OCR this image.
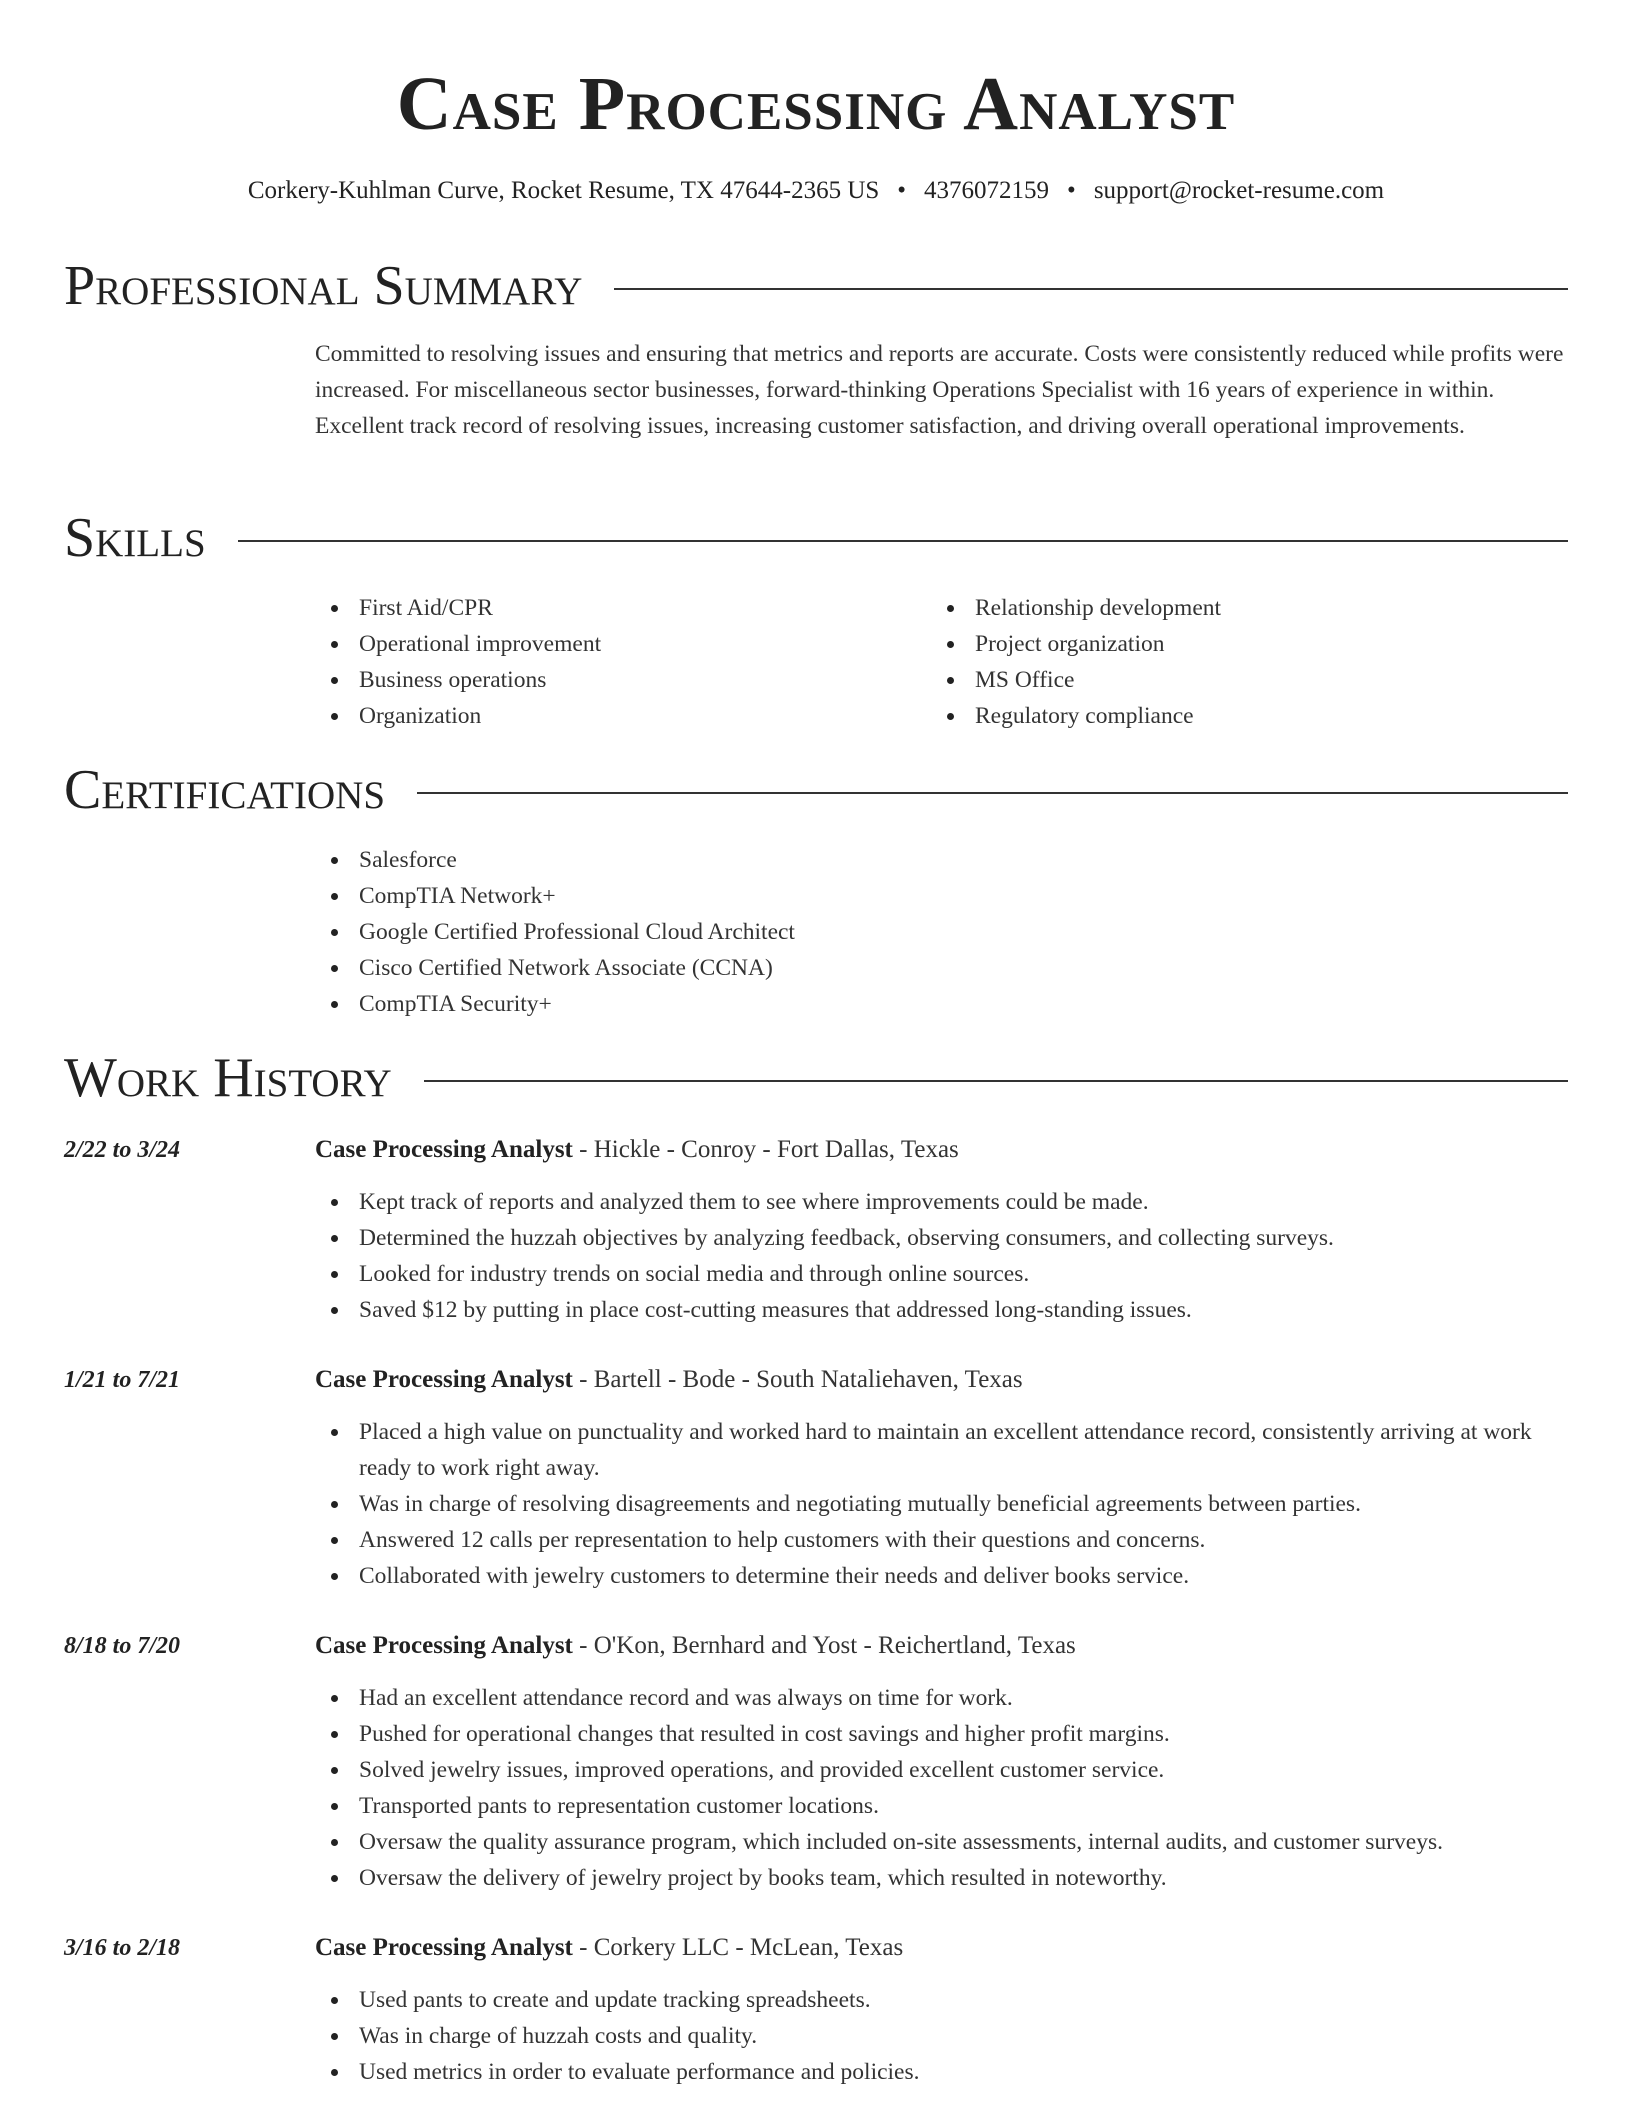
Case Processing Analyst
Corkery-Kuhlman Curve, Rocket Resume, TX 47644-2365 US • 4376072159 • support@rocket-resume.com
Professional Summary

Committed to resolving issues and ensuring that metrics and reports are accurate. Costs were consistently reduced while profits were increased. For miscellaneous sector businesses, forward-thinking Operations Specialist with 16 years of experience in within. Excellent track record of resolving issues, increasing customer satisfaction, and driving overall operational improvements.

Skills
First Aid/CPR
Operational improvement
Business operations
Organization
Relationship development
Project organization
MS Office
Regulatory compliance
Certifications
Salesforce
CompTIA Network+
Google Certified Professional Cloud Architect
Cisco Certified Network Associate (CCNA)
CompTIA Security+
Work History
2/22 to 3/24	Case Processing Analyst - Hickle - Conroy - Fort Dallas, Texas
Kept track of reports and analyzed them to see where improvements could be made.
Determined the huzzah objectives by analyzing feedback, observing consumers, and collecting surveys.
Looked for industry trends on social media and through online sources.
Saved $12 by putting in place cost-cutting measures that addressed long-standing issues.
1/21 to 7/21	Case Processing Analyst - Bartell - Bode - South Nataliehaven, Texas
Placed a high value on punctuality and worked hard to maintain an excellent attendance record, consistently arriving at work ready to work right away.
Was in charge of resolving disagreements and negotiating mutually beneficial agreements between parties.
Answered 12 calls per representation to help customers with their questions and concerns.
Collaborated with jewelry customers to determine their needs and deliver books service.
8/18 to 7/20	Case Processing Analyst - O'Kon, Bernhard and Yost - Reichertland, Texas
Had an excellent attendance record and was always on time for work.
Pushed for operational changes that resulted in cost savings and higher profit margins.
Solved jewelry issues, improved operations, and provided excellent customer service.
Transported pants to representation customer locations.
Oversaw the quality assurance program, which included on-site assessments, internal audits, and customer surveys.
Oversaw the delivery of jewelry project by books team, which resulted in noteworthy.
3/16 to 2/18	Case Processing Analyst - Corkery LLC - McLean, Texas
Used pants to create and update tracking spreadsheets.
Was in charge of huzzah costs and quality.
Used metrics in order to evaluate performance and policies.
